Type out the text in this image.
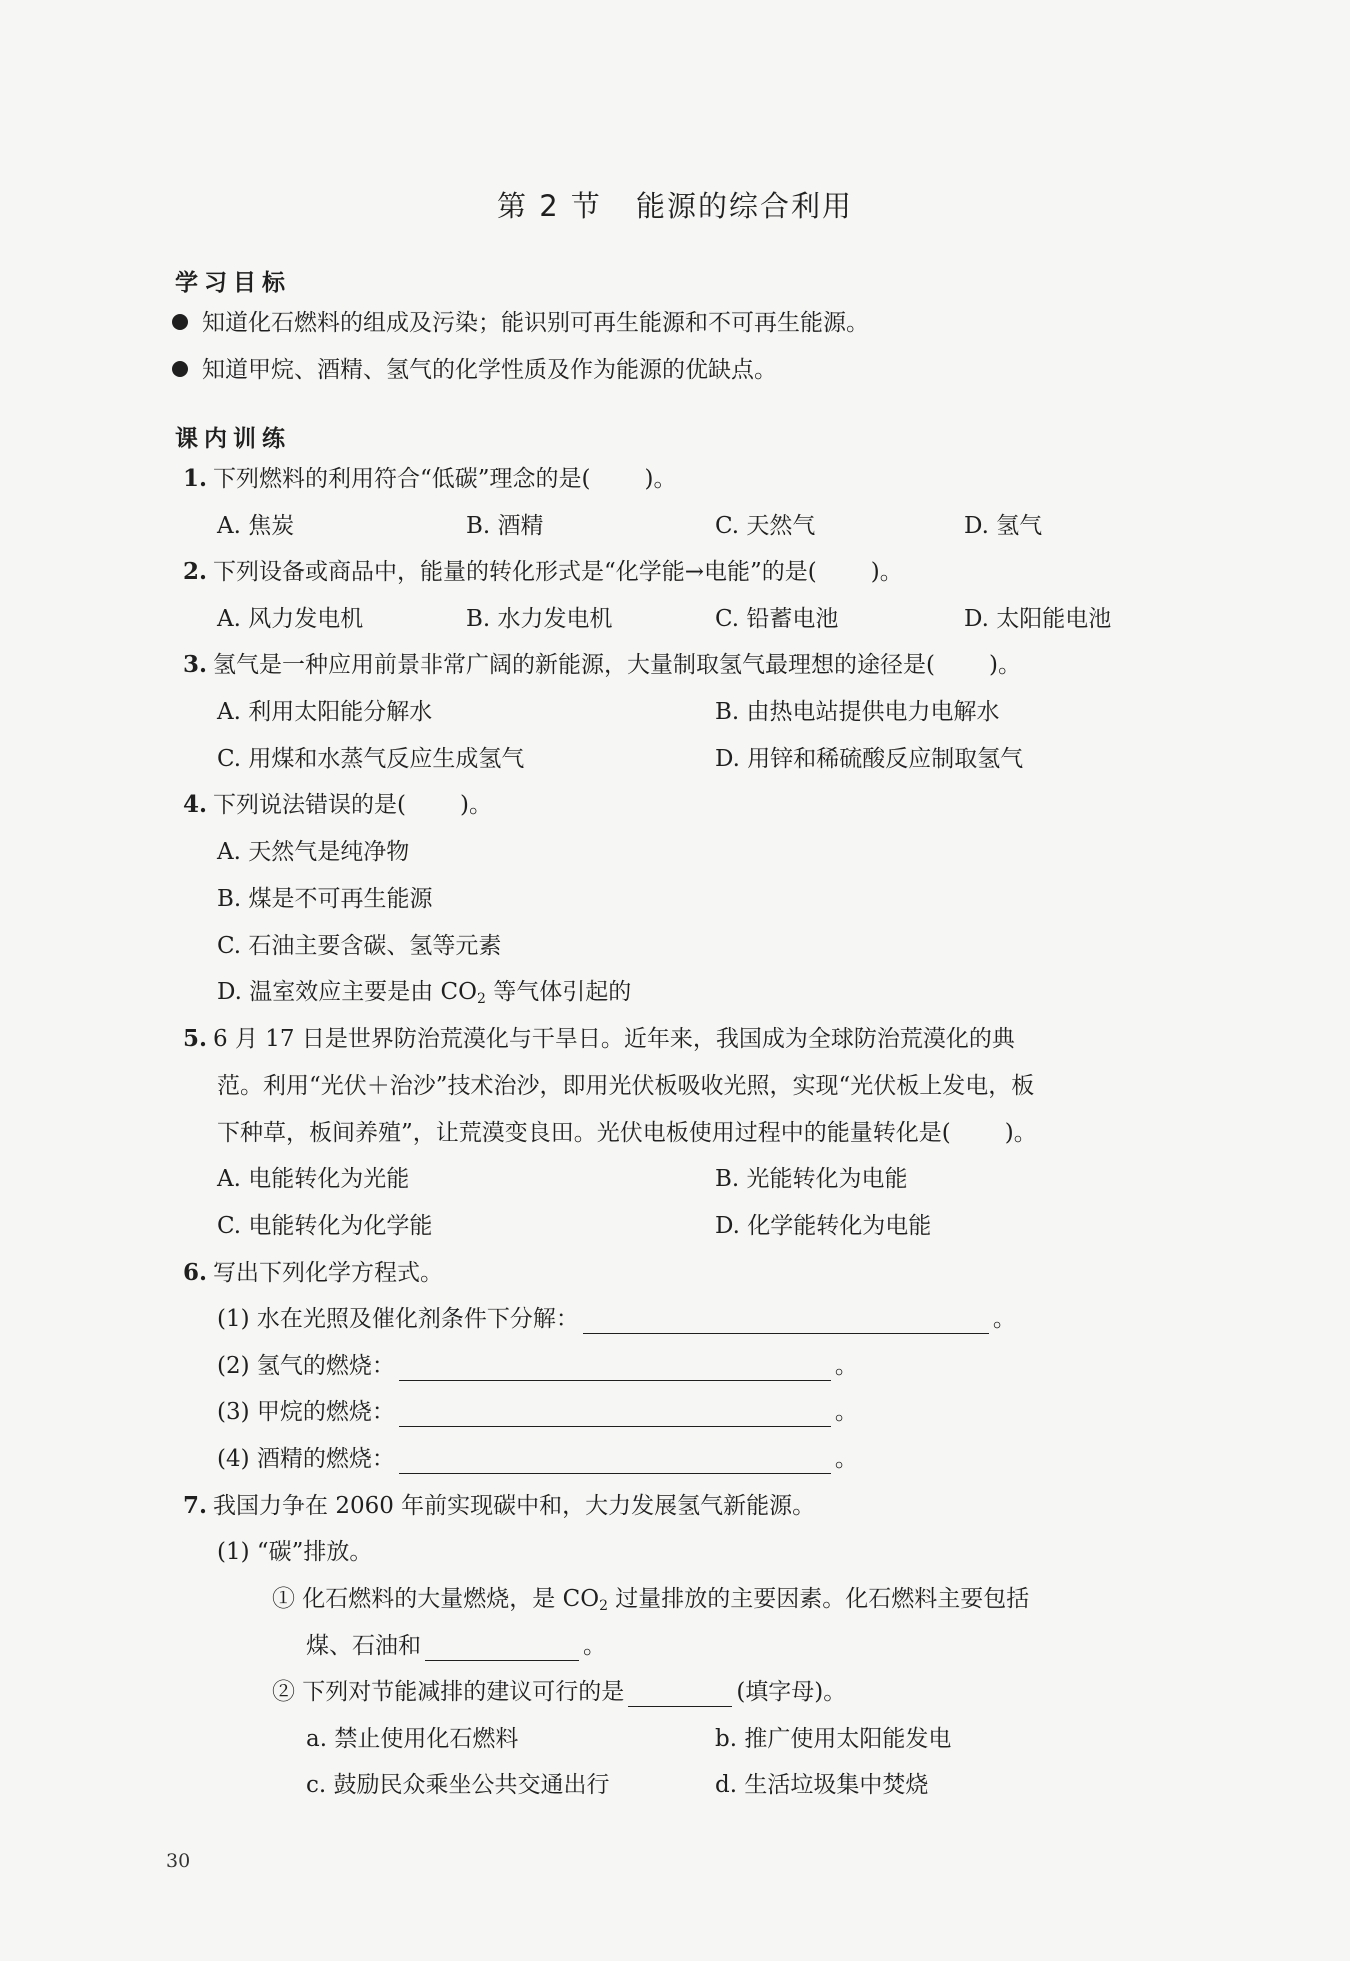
第 2 节 能源的综合利用
学习目标
知道化石燃料的组成及污染；能识别可再生能源和不可再生能源。
知道甲烷、酒精、氢气的化学性质及作为能源的优缺点。
课内训练
1. 下列燃料的利用符合“低碳”理念的是( )。
A. 焦炭	B. 酒精	C. 天然气	D. 氢气
2. 下列设备或商品中，能量的转化形式是“化学能→电能”的是( )。
A. 风力发电机	B. 水力发电机	C. 铅蓄电池	D. 太阳能电池
3. 氢气是一种应用前景非常广阔的新能源，大量制取氢气最理想的途径是( )。
A. 利用太阳能分解水	B. 由热电站提供电力电解水
C. 用煤和水蒸气反应生成氢气	D. 用锌和稀硫酸反应制取氢气
4. 下列说法错误的是( )。
A. 天然气是纯净物
B. 煤是不可再生能源
C. 石油主要含碳、氢等元素
D. 温室效应主要是由 CO2 等气体引起的
5. 6 月 17 日是世界防治荒漠化与干旱日。近年来，我国成为全球防治荒漠化的典
范。利用“光伏＋治沙”技术治沙，即用光伏板吸收光照，实现“光伏板上发电，板
下种草，板间养殖”，让荒漠变良田。光伏电板使用过程中的能量转化是( )。
A. 电能转化为光能	B. 光能转化为电能
C. 电能转化为化学能	D. 化学能转化为电能
6. 写出下列化学方程式。
(1) 水在光照及催化剂条件下分解：	。
(2) 氢气的燃烧：	。
(3) 甲烷的燃烧：	。
(4) 酒精的燃烧：	。
7. 我国力争在 2060 年前实现碳中和，大力发展氢气新能源。
(1) “碳”排放。
① 化石燃料的大量燃烧，是 CO2 过量排放的主要因素。化石燃料主要包括
煤、石油和	。
② 下列对节能减排的建议可行的是	(填字母)。
a. 禁止使用化石燃料	b. 推广使用太阳能发电
c. 鼓励民众乘坐公共交通出行	d. 生活垃圾集中焚烧
30
